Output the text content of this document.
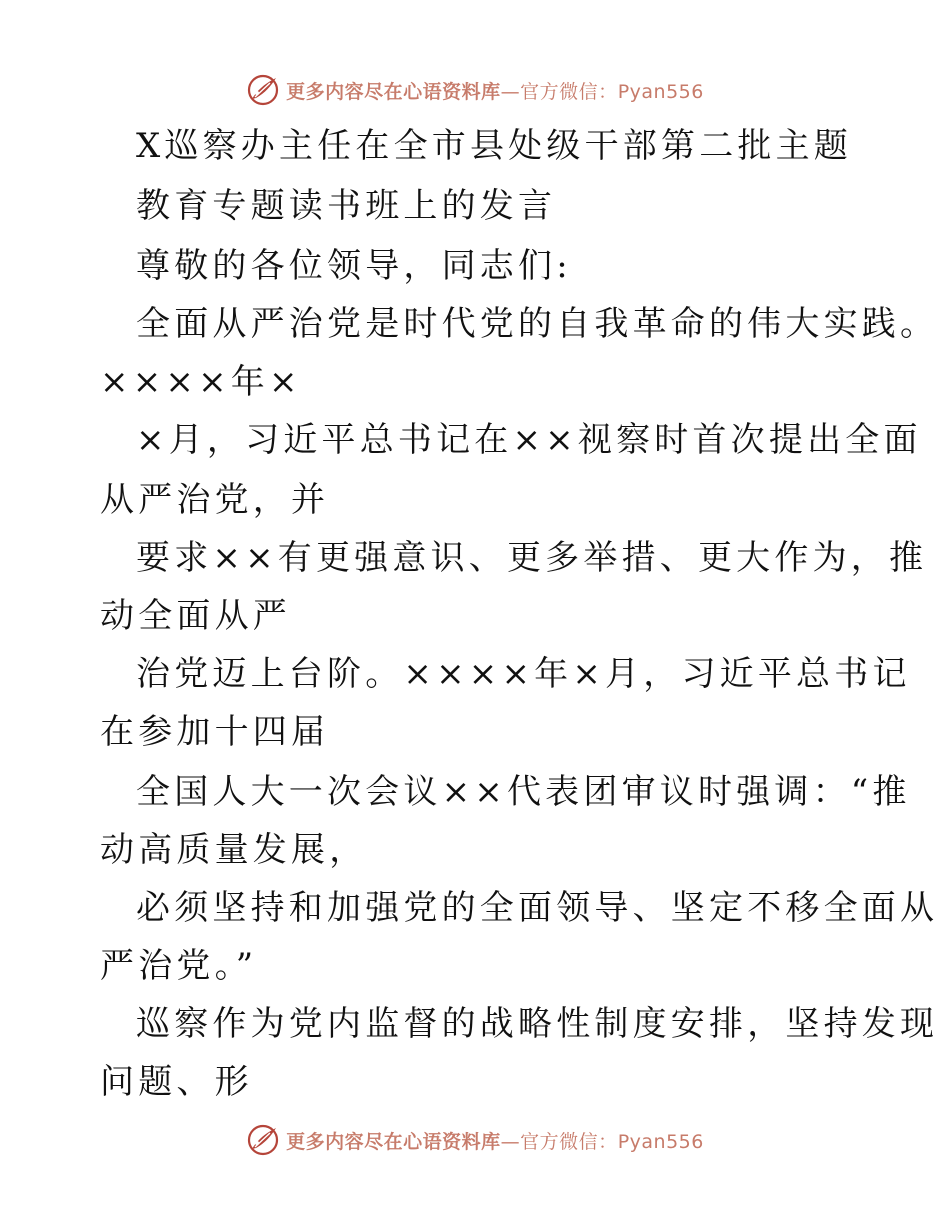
更多内容尽在心语资料库—官方微信：Pyan556
X巡察办主任在全市县处级干部第二批主题
教育专题读书班上的发言
尊敬的各位领导，同志们:
全面从严治党是时代党的自我革命的伟大实践。
××××年×
×月，习近平总书记在××视察时首次提出全面
从严治党，并
要求××有更强意识、更多举措、更大作为，推
动全面从严
治党迈上台阶。××××年×月，习近平总书记
在参加十四届
全国人大一次会议××代表团审议时强调：“推
动高质量发展，
必须坚持和加强党的全面领导、坚定不移全面从
严治党。”
巡察作为党内监督的战略性制度安排，坚持发现
问题、形
更多内容尽在心语资料库—官方微信：Pyan556
